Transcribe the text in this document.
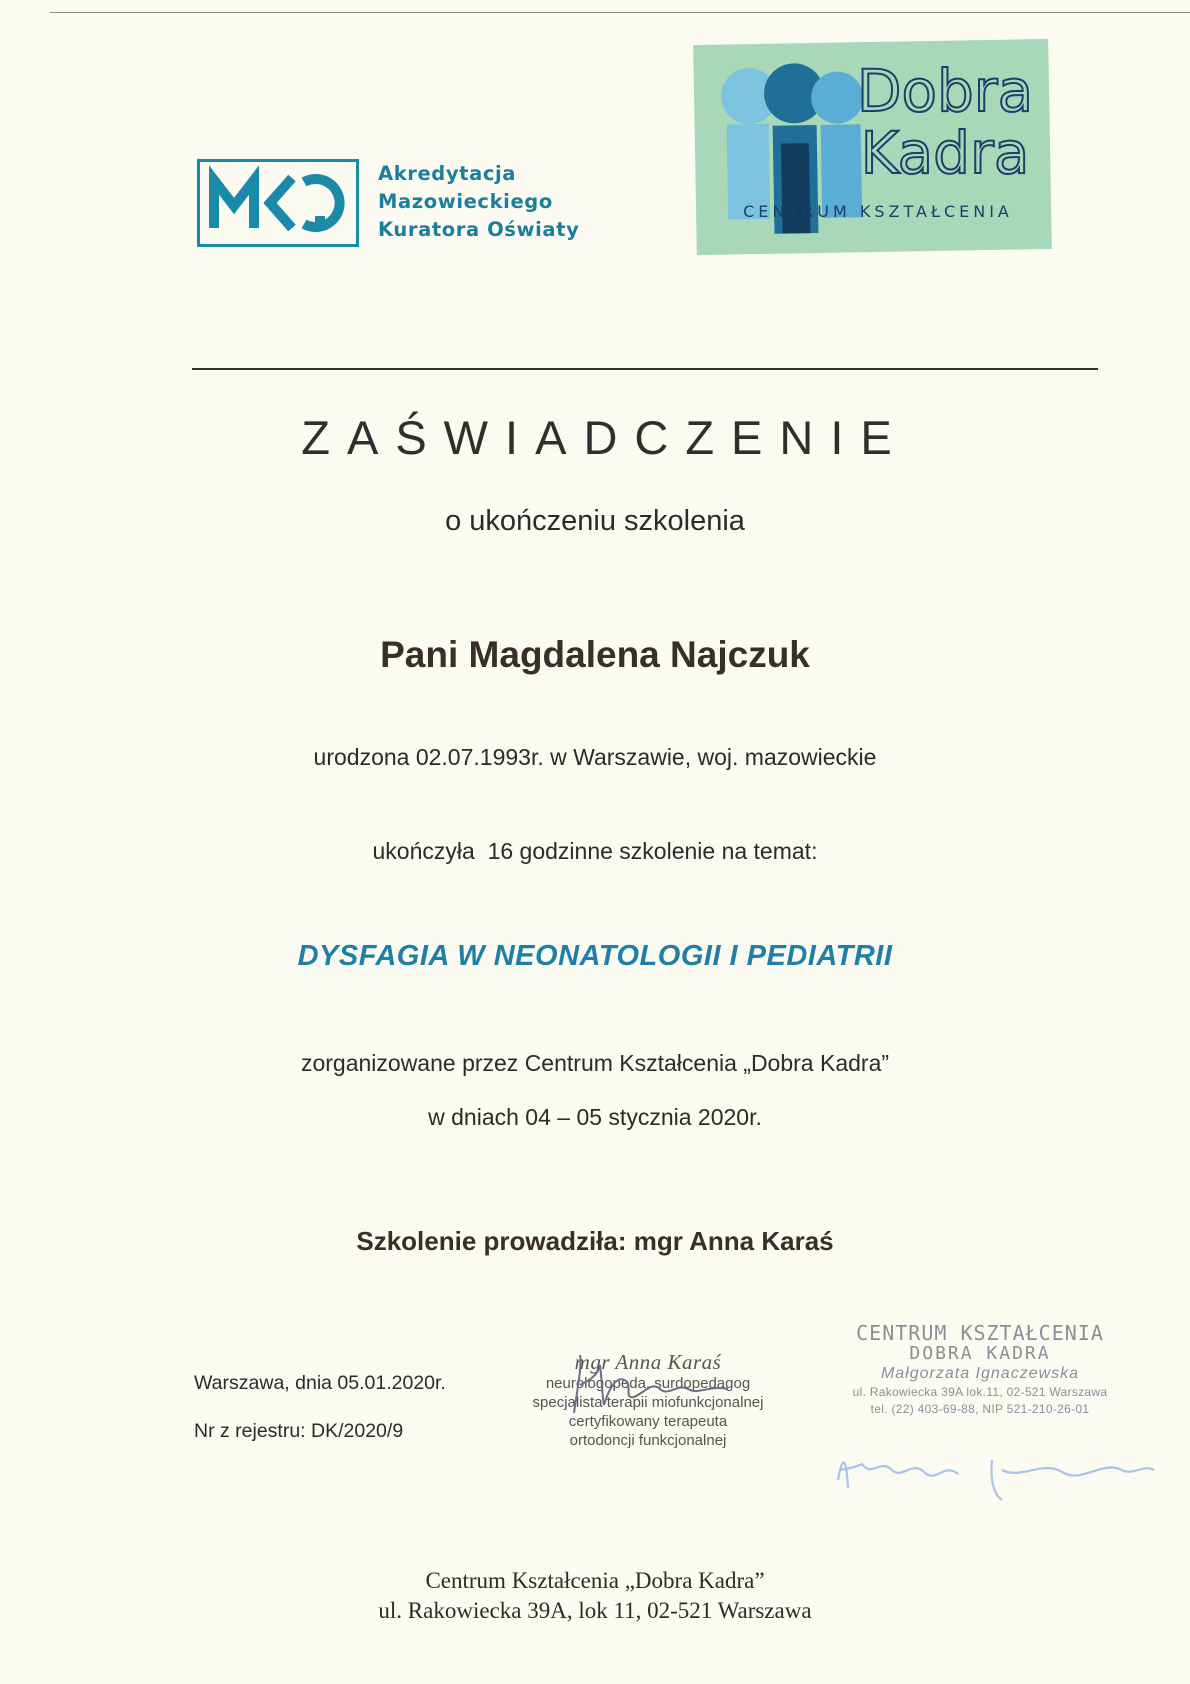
Akredytacja
Mazowieckiego
Kuratora Oświaty
Dobra Kadra
CENTRUM KSZTAŁCENIA
ZAŚWIADCZENIE
o ukończeniu szkolenia
Pani Magdalena Najczuk
urodzona 02.07.1993r. w Warszawie, woj. mazowieckie
ukończyła  16 godzinne szkolenie na temat:
DYSFAGIA W NEONATOLOGII I PEDIATRII
zorganizowane przez Centrum Kształcenia „Dobra Kadra”
w dniach 04 – 05 stycznia 2020r.
Szkolenie prowadziła: mgr Anna Karaś
Warszawa, dnia 05.01.2020r.
Nr z rejestru: DK/2020/9
mgr Anna Karaś
neurologopeda, surdopedagog
specjalista terapii miofunkcjonalnej
certyfikowany terapeuta
ortodoncji funkcjonalnej
CENTRUM KSZTAŁCENIA
DOBRA KADRA
Małgorzata Ignaczewska
ul. Rakowiecka 39A lok.11, 02-521 Warszawa
tel. (22) 403-69-88, NIP 521-210-26-01
Centrum Kształcenia „Dobra Kadra”
ul. Rakowiecka 39A, lok 11, 02-521 Warszawa
